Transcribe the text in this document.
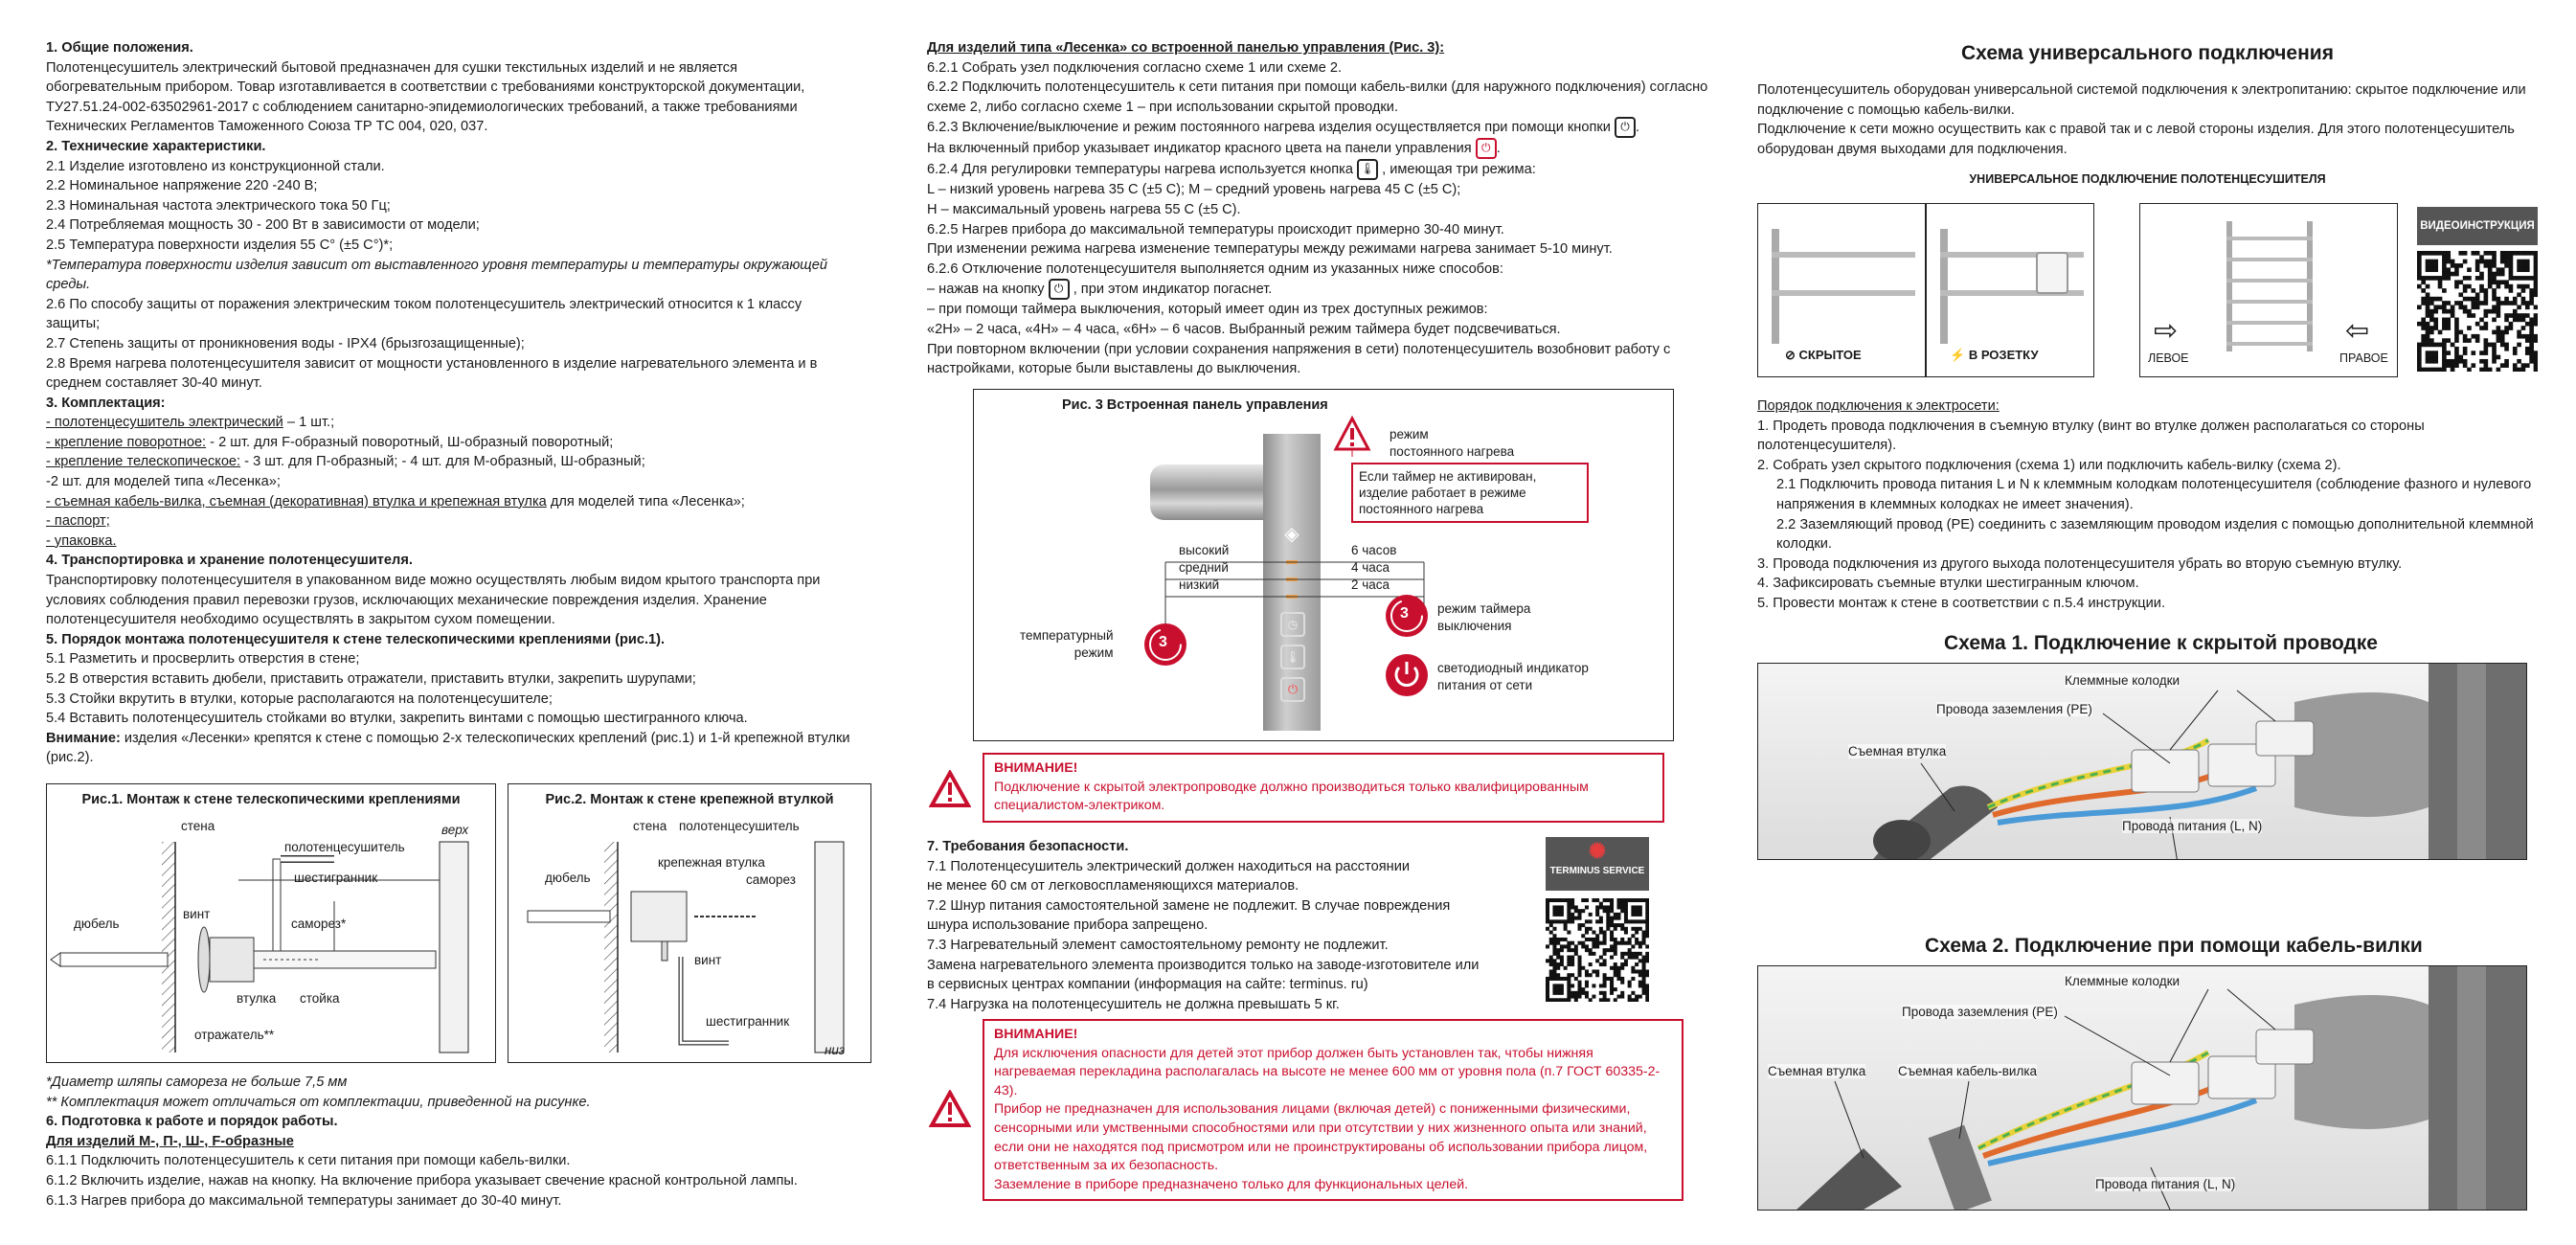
1. Общие положения.

Полотенцесушитель электрический бытовой предназначен для сушки текстильных изделий и не является обогревательным прибором. Товар изготавливается в соответствии с требованиями конструкторской документации, ТУ27.51.24-002-63502961-2017 с соблюдением санитарно-эпидемиологических требований, а также требованиями Технических Регламентов Таможенного Союза ТР ТС 004, 020, 037.

2. Технические характеристики.

2.1 Изделие изготовлено из конструкционной стали.

2.2 Номинальное напряжение 220 -240 В;

2.3 Номинальная частота электрического тока 50 Гц;

2.4 Потребляемая мощность 30 - 200 Вт в зависимости от модели;

2.5 Температура поверхности изделия 55 С° (±5 С°)*;

*Температура поверхности изделия зависит от выставленного уровня температуры и температуры окружающей среды.

2.6 По способу защиты от поражения электрическим током полотенцесушитель электрический относится к 1 классу защиты;

2.7 Степень защиты от проникновения воды - IPX4 (брызгозащищенные);

2.8 Время нагрева полотенцесушителя зависит от мощности установленного в изделие нагревательного элемента и в среднем составляет 30-40 минут.

3. Комплектация:

- полотенцесушитель электрический – 1 шт.;

- крепление поворотное: - 2 шт. для F-образный поворотный, Ш-образный поворотный;

- крепление телескопическое: - 3 шт. для П-образный; - 4 шт. для М-образный, Ш-образный;

-2 шт. для моделей типа «Лесенка»;

- съемная кабель-вилка, съемная (декоративная) втулка и крепежная втулка для моделей типа «Лесенка»;

- паспорт;

- упаковка.

4. Транспортировка и хранение полотенцесушителя.

Транспортировку полотенцесушителя в упакованном виде можно осуществлять любым видом крытого транспорта при условиях соблюдения правил перевозки грузов, исключающих механические повреждения изделия. Хранение полотенцесушителя необходимо осуществлять в закрытом сухом помещении.

5. Порядок монтажа полотенцесушителя к стене телескопическими креплениями (рис.1).

5.1 Разметить и просверлить отверстия в стене;

5.2 В отверстия вставить дюбели, приставить отражатели, приставить втулки, закрепить шурупами;

5.3 Стойки вкрутить в втулки, которые располагаются на полотенцесушителе;

5.4 Вставить полотенцесушитель стойками во втулки, закрепить винтами с помощью шестигранного ключа.

Внимание: изделия «Лесенки» крепятся к стене с помощью 2-х телескопических креплений (рис.1) и 1-й крепежной втулки (рис.2).

Рис.1. Монтаж к стене телескопическими креплениями
стена
полотенцесушитель
верх
шестигранник
винт
дюбель	саморез*
втулка стойка
отражатель**
Рис.2. Монтаж к стене крепежной втулкой
стена полотенцесушитель
крепежная втулка
дюбель	саморез
винт
шестигранник
низ

*Диаметр шляпы самореза не больше 7,5 мм

** Комплектация может отличаться от комплектации, приведенной на рисунке.

6. Подготовка к работе и порядок работы.

Для изделий М-, П-, Ш-, F-образные

6.1.1 Подключить полотенцесушитель к сети питания при помощи кабель-вилки.

6.1.2 Включить изделие, нажав на кнопку. На включение прибора указывает свечение красной контрольной лампы.

6.1.3 Нагрев прибора до максимальной температуры занимает до 30-40 минут.

Для изделий типа «Лесенка» со встроенной панелью управления (Рис. 3):

6.2.1 Собрать узел подключения согласно схеме 1 или схеме 2.

6.2.2 Подключить полотенцесушитель к сети питания при помощи кабель-вилки (для наружного подключения) согласно схеме 2, либо согласно схеме 1 – при использовании скрытой проводки.

6.2.3 Включение/выключение и режим постоянного нагрева изделия осуществляется при помощи кнопки ⏻ .

На включенный прибор указывает индикатор красного цвета на панели управления ⏻ .

6.2.4 Для регулировки температуры нагрева используется кнопка 🌡 , имеющая три режима:

L – низкий уровень нагрева 35 С (±5 С); M – средний уровень нагрева 45 С (±5 С);

H – максимальный уровень нагрева 55 С (±5 С).

6.2.5 Нагрев прибора до максимальной температуры происходит примерно 30-40 минут.

При изменении режима нагрева изменение температуры между режимами нагрева занимает 5-10 минут.

6.2.6 Отключение полотенцесушителя выполняется одним из указанных ниже способов:

– нажав на кнопку ⏻ , при этом индикатор погаснет.

– при помощи таймера выключения, который имеет один из трех доступных режимов:

«2Н» – 2 часа, «4Н» – 4 часа, «6Н» – 6 часов. Выбранный режим таймера будет подсвечиваться.

При повторном включении (при условии сохранения напряжения в сети) полотенцесушитель возобновит работу с настройками, которые были выставлены до выключения.

Рис. 3 Встроенная панель управления
◈
◷
🌡
⏻
3
3
режим
постоянного нагрева
Если таймер не активирован, изделие работает в режиме постоянного нагрева
высокий
средний
низкий
6 часов
4 часа
2 часа
температурный
режим
режим таймера
выключения
светодиодный индикатор
питания от сети
ВНИМАНИЕ!
Подключение к скрытой электропроводке должно производиться только квалифицированным специалистом-электриком.

7. Требования безопасности.

7.1 Полотенцесушитель электрический должен находиться на расстоянии

не менее 60 см от легковоспламеняющихся материалов.

7.2 Шнур питания самостоятельной замене не подлежит. В случае повреждения

шнура использование прибора запрещено.

7.3 Нагревательный элемент самостоятельному ремонту не подлежит.

Замена нагревательного элемента производится только на заводе-изготовителе или

в сервисных центрах компании (информация на сайте: terminus. ru)

7.4 Нагрузка на полотенцесушитель не должна превышать 5 кг.

✺
TERMINUS SERVICE
ВНИМАНИЕ!
Для исключения опасности для детей этот прибор должен быть установлен так, чтобы нижняя нагреваемая перекладина располагалась на высоте не менее 600 мм от уровня пола (п.7 ГОСТ 60335-2-43).
Прибор не предназначен для использования лицами (включая детей) с пониженными физическими, сенсорными или умственными способностями или при отсутствии у них жизненного опыта или знаний, если они не находятся под присмотром или не проинструктированы об использовании прибора лицом, ответственным за их безопасность.
Заземление в приборе предназначено только для функциональных целей.
Схема универсального подключения

Полотенцесушитель оборудован универсальной системой подключения к электропитанию: скрытое подключение или подключение с помощью кабель-вилки.

Подключение к сети можно осуществить как с правой так и с левой стороны изделия. Для этого полотенцесушитель оборудован двумя выходами для подключения.

УНИВЕРСАЛЬНОЕ ПОДКЛЮЧЕНИЕ ПОЛОТЕНЦЕСУШИТЕЛЯ
⊘ СКРЫТОЕ	⚡ В РОЗЕТКУ
⇨	⇦
ЛЕВОЕ	ПРАВОЕ
ВИДЕОИНСТРУКЦИЯ

Порядок подключения к электросети:

1. Продеть провода подключения в съемную втулку (винт во втулке должен располагаться со стороны полотенцесушителя).

2. Собрать узел скрытого подключения (схема 1) или подключить кабель-вилку (схема 2).

2.1 Подключить провода питания L и N к клеммным колодкам полотенцесушителя (соблюдение фазного и нулевого напряжения в клеммных колодках не имеет значения).

2.2 Заземляющий провод (PE) соединить с заземляющим проводом изделия с помощью дополнительной клеммной колодки.

3. Провода подключения из другого выхода полотенцесушителя убрать во вторую съемную втулку.

4. Зафиксировать съемные втулки шестигранным ключом.

5. Провести монтаж к стене в соответствии с п.5.4 инструкции.

Схема 1. Подключение к скрытой проводке
Клеммные колодки
Провода заземления (PE)
Съемная втулка
Провода питания (L, N)
Схема 2. Подключение при помощи кабель-вилки
Клеммные колодки
Провода заземления (PE)
Съемная втулка Съемная кабель-вилка
Провода питания (L, N)
